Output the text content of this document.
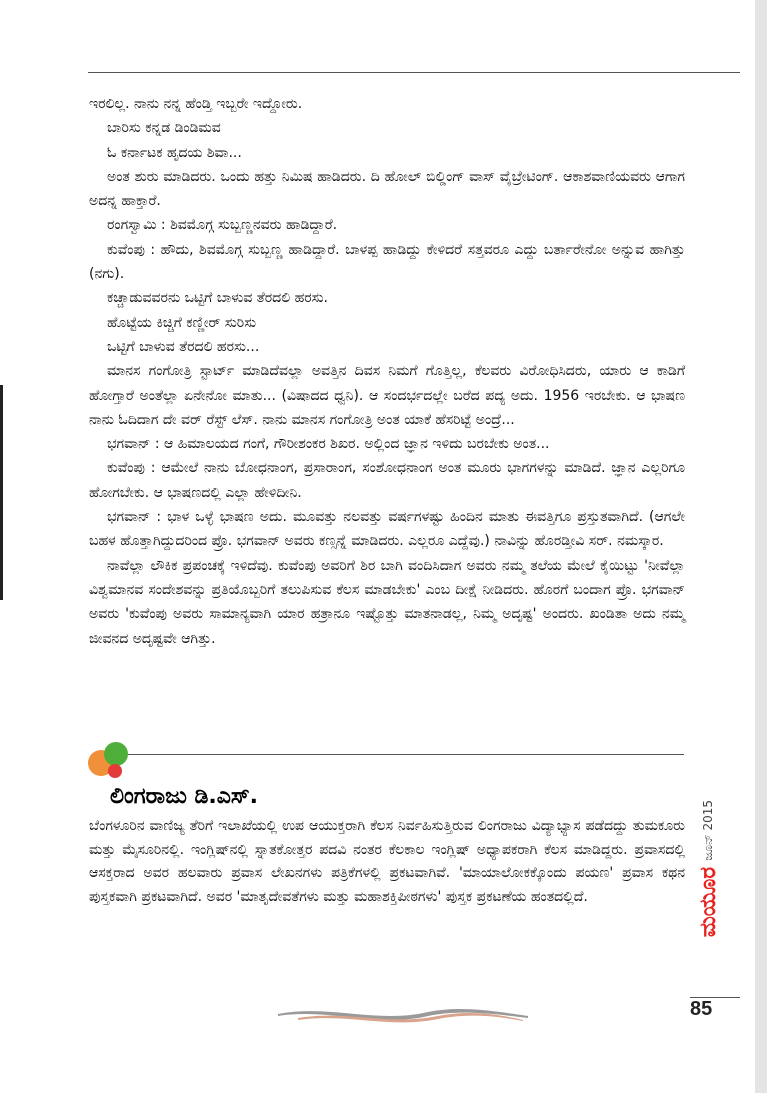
ಇರಲಿಲ್ಲ. ನಾನು ನನ್ನ ಹೆಂಡ್ತಿ ಇಬ್ಬರೇ ಇದ್ದೋರು.

ಬಾರಿಸು ಕನ್ನಡ ಡಿಂಡಿಮವ

ಓ ಕರ್ನಾಟಕ ಹೃದಯ ಶಿವಾ...

ಅಂತ ಶುರು ಮಾಡಿದರು. ಒಂದು ಹತ್ತು ನಿಮಿಷ ಹಾಡಿದರು. ದಿ ಹೋಲ್ ಬಿಲ್ಡಿಂಗ್ ವಾಸ್ ವೈಬ್ರೇಟಿಂಗ್. ಆಕಾಶವಾಣಿಯವರು ಆಗಾಗ ಅದನ್ನ ಹಾಕ್ತಾರೆ.

ರಂಗಸ್ವಾಮಿ : ಶಿವಮೊಗ್ಗ ಸುಬ್ಬಣ್ಣನವರು ಹಾಡಿದ್ದಾರೆ.

ಕುವೆಂಪು : ಹೌದು, ಶಿವಮೊಗ್ಗ ಸುಬ್ಬಣ್ಣ ಹಾಡಿದ್ದಾರೆ. ಬಾಳಪ್ಪ ಹಾಡಿದ್ದು ಕೇಳಿದರೆ ಸತ್ತವರೂ ಎದ್ದು ಬರ್ತಾರೇನೋ ಅನ್ನುವ ಹಾಗಿತ್ತು (ನಗು).

ಕಚ್ಚಾಡುವವರನು ಒಟ್ಟಿಗೆ ಬಾಳುವ ತೆರದಲಿ ಹರಸು.

ಹೊಟ್ಟೆಯ ಕಿಚ್ಚಿಗೆ ಕಣ್ಣೀರ್ ಸುರಿಸು

ಒಟ್ಟಿಗೆ ಬಾಳುವ ತೆರದಲಿ ಹರಸು...

ಮಾನಸ ಗಂಗೋತ್ರಿ ಸ್ಟಾರ್ಟ್ ಮಾಡಿದೆವಲ್ಲಾ ಅವತ್ತಿನ ದಿವಸ ನಿಮಗೆ ಗೊತ್ತಿಲ್ಲ, ಕೆಲವರು ವಿರೋಧಿಸಿದರು, ಯಾರು ಆ ಕಾಡಿಗೆ ಹೋಗ್ತಾರೆ ಅಂತೆಲ್ಲಾ ಏನೇನೋ ಮಾತು... (ವಿಷಾದದ ಧ್ವನಿ). ಆ ಸಂದರ್ಭದಲ್ಲೇ ಬರೆದ ಪದ್ಯ ಅದು. 1956 ಇರಬೇಕು. ಆ ಭಾಷಣ ನಾನು ಓದಿದಾಗ ದೇ ವರ್ ರೆಸ್ಟ್ ಲೆಸ್. ನಾನು ಮಾನಸ ಗಂಗೋತ್ರಿ ಅಂತ ಯಾಕೆ ಹೆಸರಿಟ್ಟೆ ಅಂದ್ರೆ...

ಭಗವಾನ್ : ಆ ಹಿಮಾಲಯದ ಗಂಗೆ, ಗೌರೀಶಂಕರ ಶಿಖರ. ಅಲ್ಲಿಂದ ಜ್ಞಾನ ಇಳಿದು ಬರಬೇಕು ಅಂತ...

ಕುವೆಂಪು : ಆಮೇಲೆ ನಾನು ಬೋಧನಾಂಗ, ಪ್ರಸಾರಾಂಗ, ಸಂಶೋಧನಾಂಗ ಅಂತ ಮೂರು ಭಾಗಗಳನ್ನು ಮಾಡಿದೆ. ಜ್ಞಾನ ಎಲ್ಲರಿಗೂ ಹೋಗಬೇಕು. ಆ ಭಾಷಣದಲ್ಲಿ ಎಲ್ಲಾ ಹೇಳಿದೀನಿ.

ಭಗವಾನ್ : ಭಾಳ ಒಳ್ಳೆ ಭಾಷಣ ಅದು. ಮೂವತ್ತು ನಲವತ್ತು ವರ್ಷಗಳಷ್ಟು ಹಿಂದಿನ ಮಾತು ಈವತ್ತಿಗೂ ಪ್ರಸ್ತುತವಾಗಿದೆ. (ಆಗಲೇ ಬಹಳ ಹೊತ್ತಾಗಿದ್ದುದರಿಂದ ಪ್ರೊ. ಭಗವಾನ್ ಅವರು ಕಣ್ಸನ್ನೆ ಮಾಡಿದರು. ಎಲ್ಲರೂ ಎದ್ದೆವು.) ನಾವಿನ್ನು ಹೊರಡ್ತೀವಿ ಸರ್. ನಮಸ್ಕಾರ.

ನಾವೆಲ್ಲಾ ಲೌಕಿಕ ಪ್ರಪಂಚಕ್ಕೆ ಇಳಿದೆವು. ಕುವೆಂಪು ಅವರಿಗೆ ಶಿರ ಬಾಗಿ ವಂದಿಸಿದಾಗ ಅವರು ನಮ್ಮ ತಲೆಯ ಮೇಲೆ ಕೈಯಿಟ್ಟು 'ನೀವೆಲ್ಲಾ ವಿಶ್ವಮಾನವ ಸಂದೇಶವನ್ನು ಪ್ರತಿಯೊಬ್ಬರಿಗೆ ತಲುಪಿಸುವ ಕೆಲಸ ಮಾಡಬೇಕು' ಎಂಬ ದೀಕ್ಷೆ ನೀಡಿದರು. ಹೊರಗೆ ಬಂದಾಗ ಪ್ರೊ. ಭಗವಾನ್ ಅವರು 'ಕುವೆಂಪು ಅವರು ಸಾಮಾನ್ಯವಾಗಿ ಯಾರ ಹತ್ರಾನೂ ಇಷ್ಟೊತ್ತು ಮಾತನಾಡಲ್ಲ, ನಿಮ್ಮ ಅದೃಷ್ಟ' ಅಂದರು. ಖಂಡಿತಾ ಅದು ನಮ್ಮ ಜೀವನದ ಅದೃಷ್ಟವೇ ಆಗಿತ್ತು.

ಲಿಂಗರಾಜು ಡಿ.ಎಸ್.

ಬೆಂಗಳೂರಿನ ವಾಣಿಜ್ಯ ತೆರಿಗೆ ಇಲಾಖೆಯಲ್ಲಿ ಉಪ ಆಯುಕ್ತರಾಗಿ ಕೆಲಸ ನಿರ್ವಹಿಸುತ್ತಿರುವ ಲಿಂಗರಾಜು ವಿದ್ಯಾಭ್ಯಾಸ ಪಡೆದದ್ದು ತುಮಕೂರು ಮತ್ತು ಮೈಸೂರಿನಲ್ಲಿ. ಇಂಗ್ಲಿಷ್‌ನಲ್ಲಿ ಸ್ನಾತಕೋತ್ತರ ಪದವಿ ನಂತರ ಕೆಲಕಾಲ ಇಂಗ್ಲಿಷ್ ಅಧ್ಯಾಪಕರಾಗಿ ಕೆಲಸ ಮಾಡಿದ್ದರು. ಪ್ರವಾಸದಲ್ಲಿ ಆಸಕ್ತರಾದ ಅವರ ಹಲವಾರು ಪ್ರವಾಸ ಲೇಖನಗಳು ಪತ್ರಿಕೆಗಳಲ್ಲಿ ಪ್ರಕಟವಾಗಿವೆ. 'ಮಾಯಾಲೋಕಕ್ಕೊಂದು ಪಯಣ' ಪ್ರವಾಸ ಕಥನ ಪುಸ್ತಕವಾಗಿ ಪ್ರಕಟವಾಗಿದೆ. ಅವರ 'ಮಾತೃದೇವತೆಗಳು ಮತ್ತು ಮಹಾಶಕ್ತಿಪೀಠಗಳು' ಪುಸ್ತಕ ಪ್ರಕಟಣೆಯ ಹಂತದಲ್ಲಿದೆ.

ಜೂನ್ 2015
ಮಯೂರ
85
